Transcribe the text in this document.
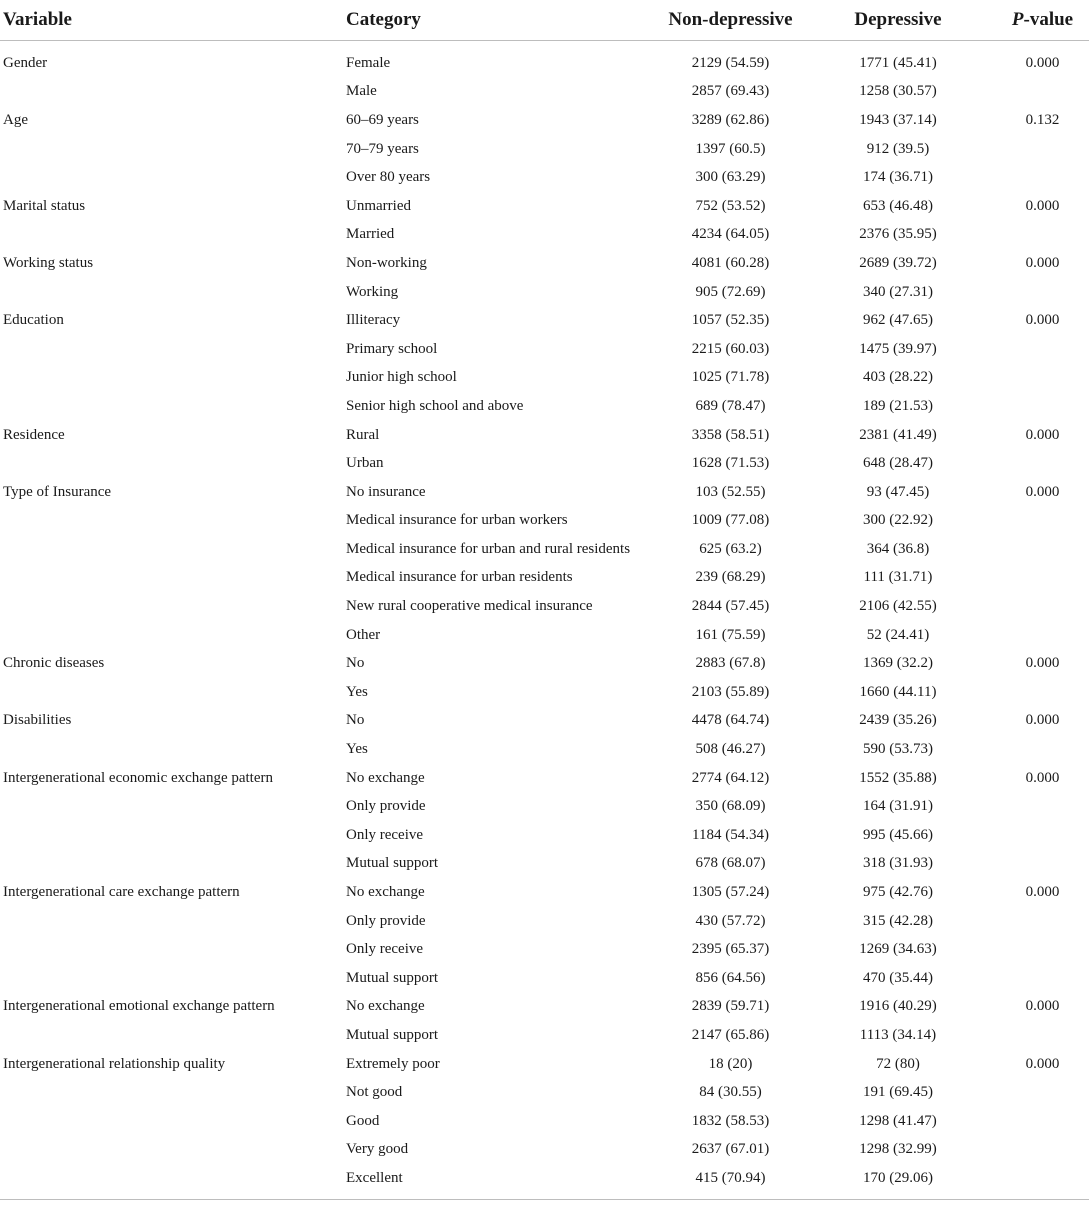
Variable	Category	Non-depressive	Depressive	P-value
Gender	Female	2129 (54.59)	1771 (45.41)	0.000
	Male	2857 (69.43)	1258 (30.57)	
Age	60–69 years	3289 (62.86)	1943 (37.14)	0.132
	70–79 years	1397 (60.5)	912 (39.5)	
	Over 80 years	300 (63.29)	174 (36.71)	
Marital status	Unmarried	752 (53.52)	653 (46.48)	0.000
	Married	4234 (64.05)	2376 (35.95)	
Working status	Non-working	4081 (60.28)	2689 (39.72)	0.000
	Working	905 (72.69)	340 (27.31)	
Education	Illiteracy	1057 (52.35)	962 (47.65)	0.000
	Primary school	2215 (60.03)	1475 (39.97)	
	Junior high school	1025 (71.78)	403 (28.22)	
	Senior high school and above	689 (78.47)	189 (21.53)	
Residence	Rural	3358 (58.51)	2381 (41.49)	0.000
	Urban	1628 (71.53)	648 (28.47)	
Type of Insurance	No insurance	103 (52.55)	93 (47.45)	0.000
	Medical insurance for urban workers	1009 (77.08)	300 (22.92)	
	Medical insurance for urban and rural residents	625 (63.2)	364 (36.8)	
	Medical insurance for urban residents	239 (68.29)	111 (31.71)	
	New rural cooperative medical insurance	2844 (57.45)	2106 (42.55)	
	Other	161 (75.59)	52 (24.41)	
Chronic diseases	No	2883 (67.8)	1369 (32.2)	0.000
	Yes	2103 (55.89)	1660 (44.11)	
Disabilities	No	4478 (64.74)	2439 (35.26)	0.000
	Yes	508 (46.27)	590 (53.73)	
Intergenerational economic exchange pattern	No exchange	2774 (64.12)	1552 (35.88)	0.000
	Only provide	350 (68.09)	164 (31.91)	
	Only receive	1184 (54.34)	995 (45.66)	
	Mutual support	678 (68.07)	318 (31.93)	
Intergenerational care exchange pattern	No exchange	1305 (57.24)	975 (42.76)	0.000
	Only provide	430 (57.72)	315 (42.28)	
	Only receive	2395 (65.37)	1269 (34.63)	
	Mutual support	856 (64.56)	470 (35.44)	
Intergenerational emotional exchange pattern	No exchange	2839 (59.71)	1916 (40.29)	0.000
	Mutual support	2147 (65.86)	1113 (34.14)	
Intergenerational relationship quality	Extremely poor	18 (20)	72 (80)	0.000
	Not good	84 (30.55)	191 (69.45)	
	Good	1832 (58.53)	1298 (41.47)	
	Very good	2637 (67.01)	1298 (32.99)	
	Excellent	415 (70.94)	170 (29.06)	
